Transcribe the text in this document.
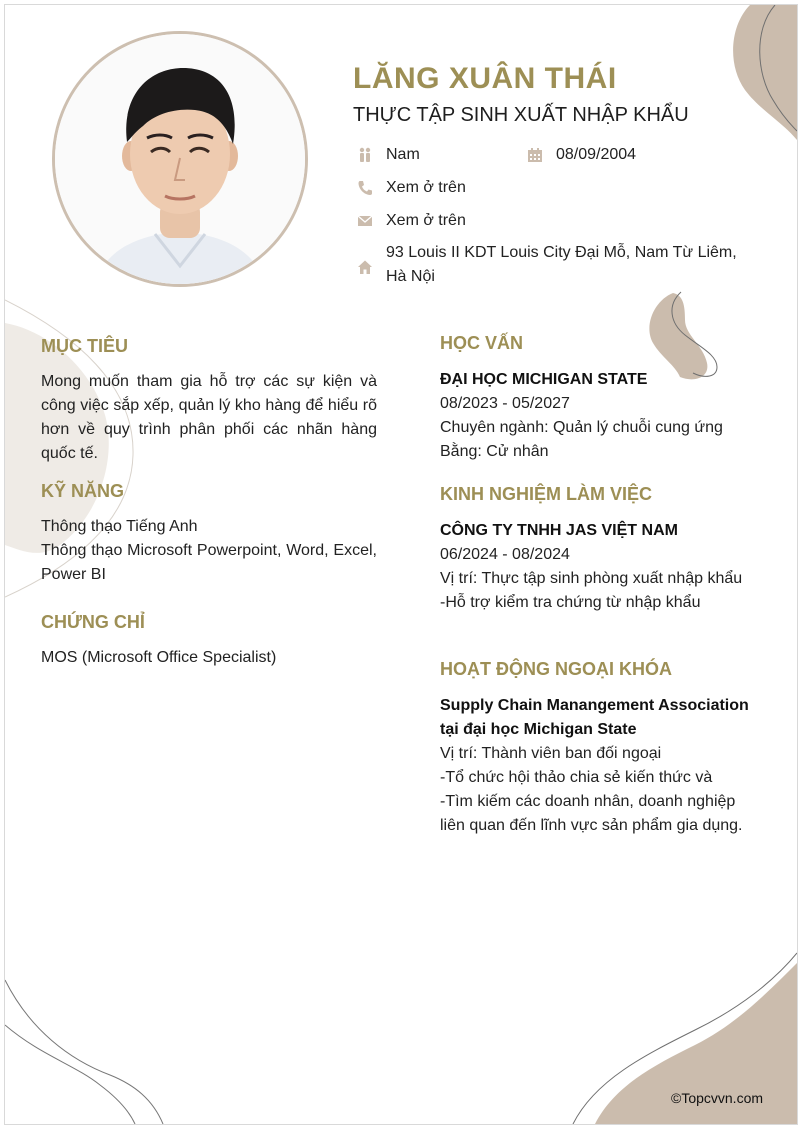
LĂNG XUÂN THÁI
THỰC TẬP SINH XUẤT NHẬP KHẨU
Nam	08/09/2004
Xem ở trên
Xem ở trên
93 Louis II KDT Louis City Đại Mỗ, Nam Từ Liêm, Hà Nội
MỤC TIÊU
Mong muốn tham gia hỗ trợ các sự kiện và công việc sắp xếp, quản lý kho hàng để hiểu rõ hơn về quy trình phân phối các nhãn hàng quốc tế.
KỸ NĂNG
Thông thạo Tiếng Anh
Thông thạo Microsoft Powerpoint, Word, Excel, Power BI
CHỨNG CHỈ
MOS (Microsoft Office Specialist)
HỌC VẤN
ĐẠI HỌC MICHIGAN STATE
08/2023 - 05/2027
Chuyên ngành: Quản lý chuỗi cung ứng
Bằng: Cử nhân
KINH NGHIỆM LÀM VIỆC
CÔNG TY TNHH JAS VIỆT NAM
06/2024 - 08/2024
Vị trí: Thực tập sinh phòng xuất nhập khẩu
-Hỗ trợ kiểm tra chứng từ nhập khẩu
HOẠT ĐỘNG NGOẠI KHÓA
Supply Chain Manangement Association
tại đại học Michigan State
Vị trí: Thành viên ban đối ngoại
-Tổ chức hội thảo chia sẻ kiến thức và
-Tìm kiếm các doanh nhân, doanh nghiệp
liên quan đến lĩnh vực sản phẩm gia dụng.
©Topcvvn.com
